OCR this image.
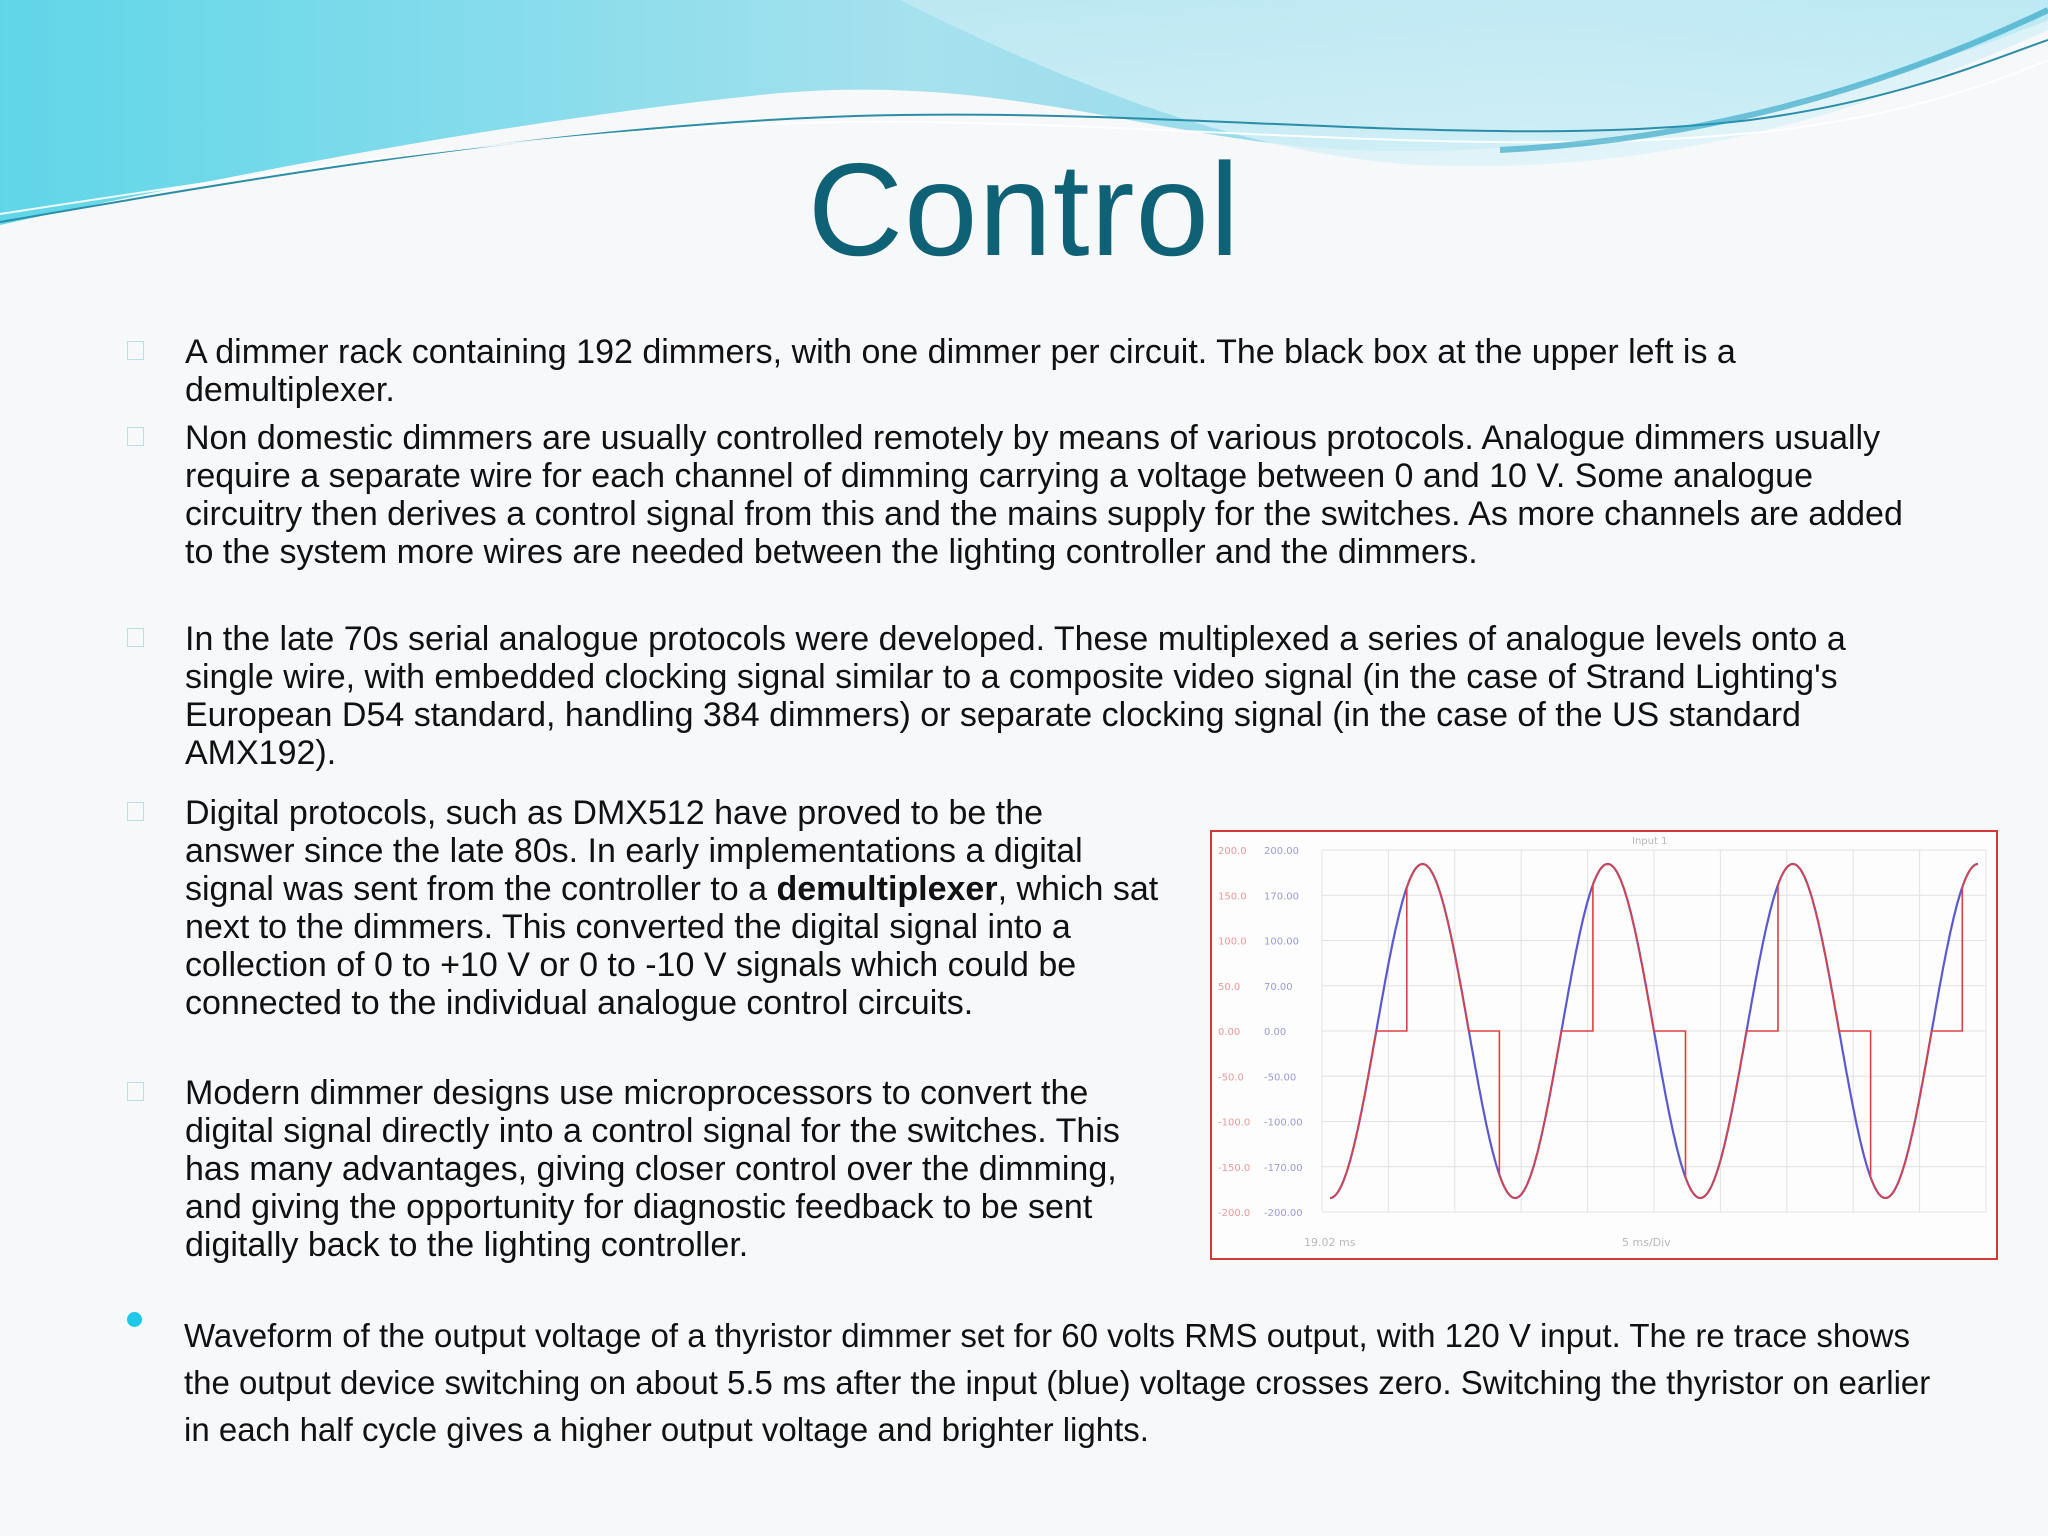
Control
A dimmer rack containing 192 dimmers, with one dimmer per circuit. The black box at the upper left is a demultiplexer.
Non domestic dimmers are usually controlled remotely by means of various protocols. Analogue dimmers usually require a separate wire for each channel of dimming carrying a voltage between 0 and 10 V. Some analogue circuitry then derives a control signal from this and the mains supply for the switches. As more channels are added to the system more wires are needed between the lighting controller and the dimmers.
In the late 70s serial analogue protocols were developed. These multiplexed a series of analogue levels onto a single wire, with embedded clocking signal similar to a composite video signal (in the case of Strand Lighting's European D54 standard, handling 384 dimmers) or separate clocking signal (in the case of the US standard AMX192).
Digital protocols, such as DMX512 have proved to be the answer since the late 80s. In early implementations a digital signal was sent from the controller to a demultiplexer, which sat next to the dimmers. This converted the digital signal into a collection of 0 to +10 V or 0 to -10 V signals which could be connected to the individual analogue control circuits.
Modern dimmer designs use microprocessors to convert the digital signal directly into a control signal for the switches. This has many advantages, giving closer control over the dimming, and giving the opportunity for diagnostic feedback to be sent digitally back to the lighting controller.
200.0 200.00
150.0 170.00
100.0 100.00
50.0 70.00
0.00 0.00
-50.0 -50.00
-100.0 -100.00
-150.0 -170.00
-200.0 -200.00
Input 1
19.02 ms	5 ms/Div
Waveform of the output voltage of a thyristor dimmer set for 60 volts RMS output, with 120 V input. The re trace shows the output device switching on about 5.5 ms after the input (blue) voltage crosses zero. Switching the thyristor on earlier in each half cycle gives a higher output voltage and brighter lights.
